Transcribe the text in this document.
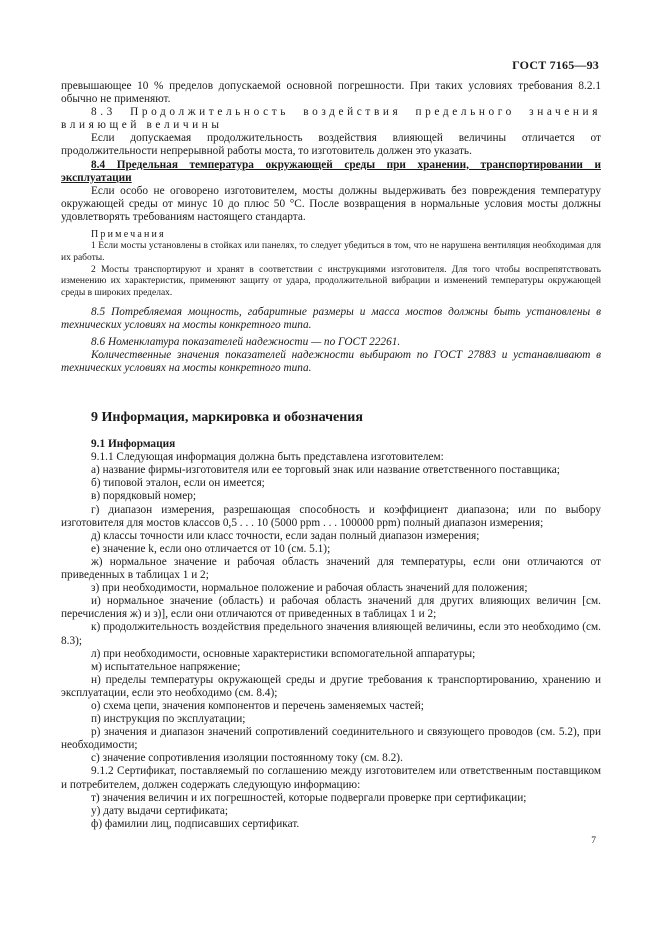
ГОСТ 7165—93

превышающее 10 % пределов допускаемой основной погрешности. При таких условиях требования 8.2.1 обычно не применяют.

8.3 Продолжительность воздействия предельного значения влияющей величины

Если допускаемая продолжительность воздействия влияющей величины отличается от продолжительности непрерывной работы моста, то изготовитель должен это указать.

8.4 Предельная температура окружающей среды при хранении, транспортировании и эксплуатации

Если особо не оговорено изготовителем, мосты должны выдерживать без повреждения температуру окружающей среды от минус 10 до плюс 50 °С. После возвращения в нормальные условия мосты должны удовлетворять требованиям настоящего стандарта.

Примечания

1 Если мосты установлены в стойках или панелях, то следует убедиться в том, что не нарушена вентиляция необходимая для их работы.

2 Мосты транспортируют и хранят в соответствии с инструкциями изготовителя. Для того чтобы воспрепятствовать изменению их характеристик, применяют защиту от удара, продолжительной вибрации и изменений температуры окружающей среды в широких пределах.

8.5 Потребляемая мощность, габаритные размеры и масса мостов должны быть установлены в технических условиях на мосты конкретного типа.

8.6 Номенклатура показателей надежности — по ГОСТ 22261.

Количественные значения показателей надежности выбирают по ГОСТ 27883 и устанавливают в технических условиях на мосты конкретного типа.

9 Информация, маркировка и обозначения

9.1 Информация

9.1.1 Следующая информация должна быть представлена изготовителем:

а) название фирмы-изготовителя или ее торговый знак или название ответственного поставщика;

б) типовой эталон, если он имеется;

в) порядковый номер;

г) диапазон измерения, разрешающая способность и коэффициент диапазона; или по выбору изготовителя для мостов классов 0,5 . . . 10 (5000 ppm . . . 100000 ppm) полный диапазон измерения;

д) классы точности или класс точности, если задан полный диапазон измерения;

е) значение k, если оно отличается от 10 (см. 5.1);

ж) нормальное значение и рабочая область значений для температуры, если они отличаются от приведенных в таблицах 1 и 2;

з) при необходимости, нормальное положение и рабочая область значений для положения;

и) нормальное значение (область) и рабочая область значений для других влияющих величин [см. перечисления ж) и з)], если они отличаются от приведенных в таблицах 1 и 2;

к) продолжительность воздействия предельного значения влияющей величины, если это необходимо (см. 8.3);

л) при необходимости, основные характеристики вспомогательной аппаратуры;

м) испытательное напряжение;

н) пределы температуры окружающей среды и другие требования к транспортированию, хранению и эксплуатации, если это необходимо (см. 8.4);

о) схема цепи, значения компонентов и перечень заменяемых частей;

п) инструкция по эксплуатации;

р) значения и диапазон значений сопротивлений соединительного и связующего проводов (см. 5.2), при необходимости;

с) значение сопротивления изоляции постоянному току (см. 8.2).

9.1.2 Сертификат, поставляемый по соглашению между изготовителем или ответственным поставщиком и потребителем, должен содержать следующую информацию:

т) значения величин и их погрешностей, которые подвергали проверке при сертификации;

у) дату выдачи сертификата;

ф) фамилии лиц, подписавших сертификат.

7
